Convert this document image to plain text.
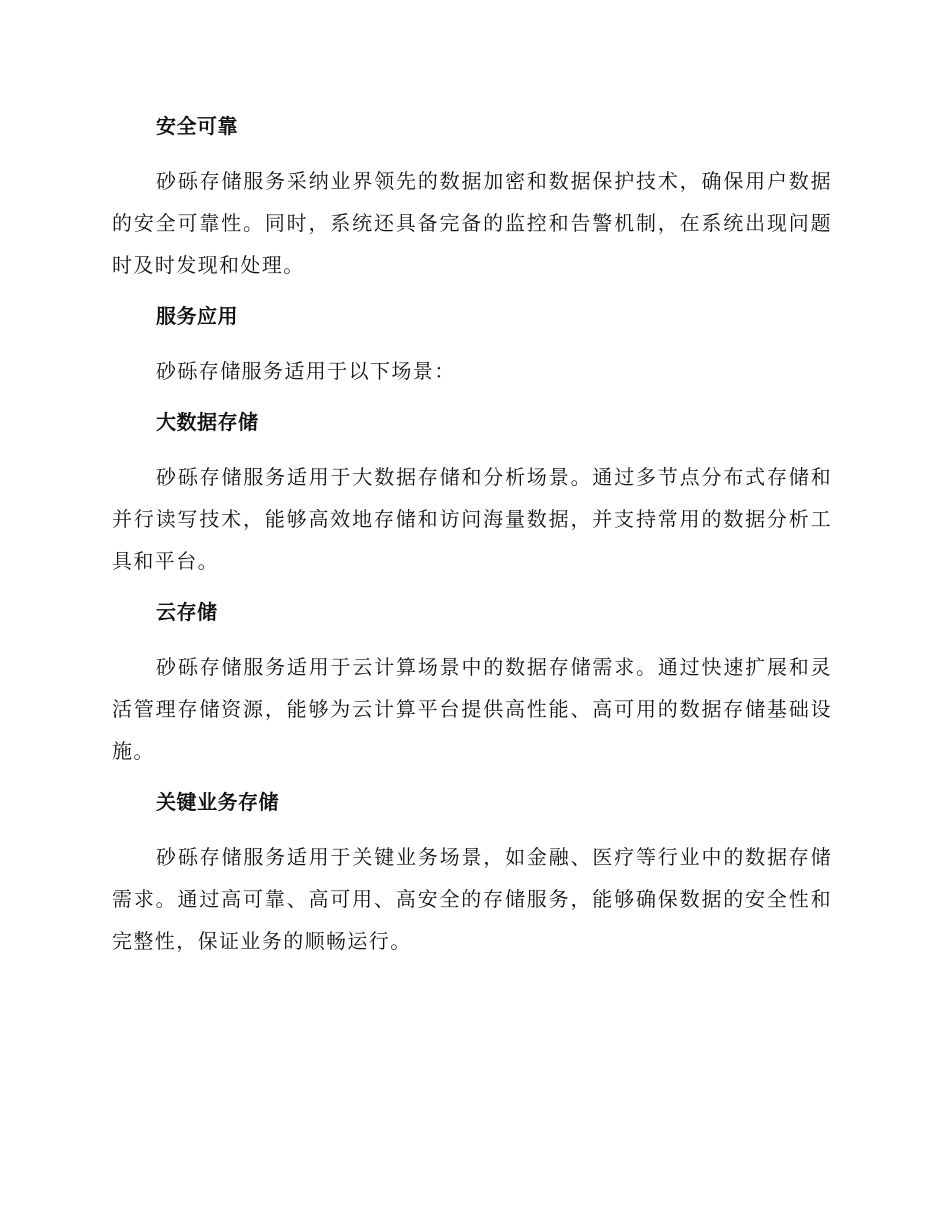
安全可靠

砂砾存储服务采纳业界领先的数据加密和数据保护技术，确保用户数据的安全可靠性。同时，系统还具备完备的监控和告警机制，在系统出现问题时及时发现和处理。

服务应用

砂砾存储服务适用于以下场景：

大数据存储

砂砾存储服务适用于大数据存储和分析场景。通过多节点分布式存储和并行读写技术，能够高效地存储和访问海量数据，并支持常用的数据分析工具和平台。

云存储

砂砾存储服务适用于云计算场景中的数据存储需求。通过快速扩展和灵活管理存储资源，能够为云计算平台提供高性能、高可用的数据存储基础设施。

关键业务存储

砂砾存储服务适用于关键业务场景，如金融、医疗等行业中的数据存储需求。通过高可靠、高可用、高安全的存储服务，能够确保数据的安全性和完整性，保证业务的顺畅运行。
